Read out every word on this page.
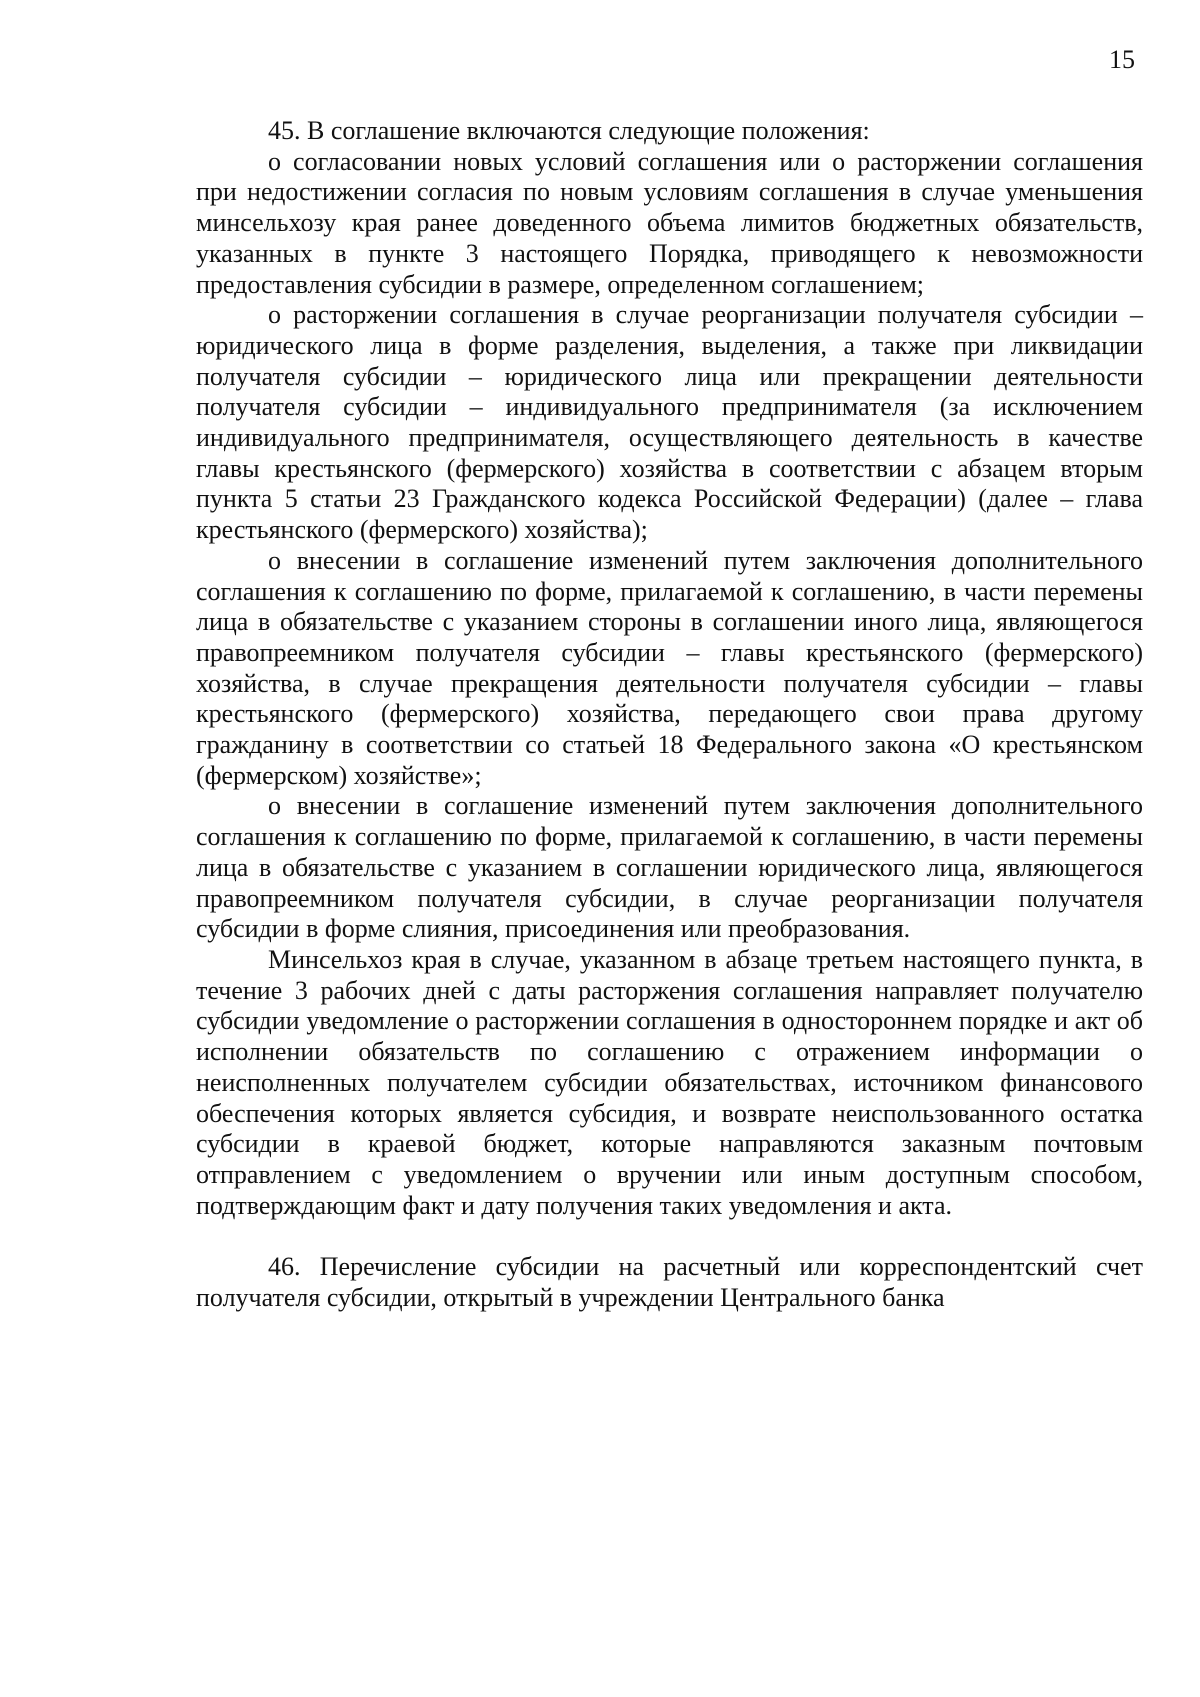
15

45. В соглашение включаются следующие положения:

о согласовании новых условий соглашения или о расторжении соглашения при недостижении согласия по новым условиям соглашения в случае уменьшения минсельхозу края ранее доведенного объема лимитов бюджетных обязательств, указанных в пункте 3 настоящего Порядка, приводящего к невозможности предоставления субсидии в размере, определенном соглашением;

о расторжении соглашения в случае реорганизации получателя субсидии – юридического лица в форме разделения, выделения, а также при ликвидации получателя субсидии – юридического лица или прекращении деятельности получателя субсидии – индивидуального предпринимателя (за исключением индивидуального предпринимателя, осуществляющего деятельность в качестве главы крестьянского (фермерского) хозяйства в соответствии с абзацем вторым пункта 5 статьи 23 Гражданского кодекса Российской Федерации) (далее – глава крестьянского (фермерского) хозяйства);

о внесении в соглашение изменений путем заключения дополнительного соглашения к соглашению по форме, прилагаемой к соглашению, в части перемены лица в обязательстве с указанием стороны в соглашении иного лица, являющегося правопреемником получателя субсидии – главы крестьянского (фермерского) хозяйства, в случае прекращения деятельности получателя субсидии – главы крестьянского (фермерского) хозяйства, передающего свои права другому гражданину в соответствии со статьей 18 Федерального закона «О крестьянском (фермерском) хозяйстве»;

о внесении в соглашение изменений путем заключения дополнительного соглашения к соглашению по форме, прилагаемой к соглашению, в части перемены лица в обязательстве с указанием в соглашении юридического лица, являющегося правопреемником получателя субсидии, в случае реорганизации получателя субсидии в форме слияния, присоединения или преобразования.

Минсельхоз края в случае, указанном в абзаце третьем настоящего пункта, в течение 3 рабочих дней с даты расторжения соглашения направляет получателю субсидии уведомление о расторжении соглашения в одностороннем порядке и акт об исполнении обязательств по соглашению с отражением информации о неисполненных получателем субсидии обязательствах, источником финансового обеспечения которых является субсидия, и возврате неиспользованного остатка субсидии в краевой бюджет, которые направляются заказным почтовым отправлением с уведомлением о вручении или иным доступным способом, подтверждающим факт и дату получения таких уведомления и акта.

46. Перечисление субсидии на расчетный или корреспондентский счет получателя субсидии, открытый в учреждении Центрального банка
